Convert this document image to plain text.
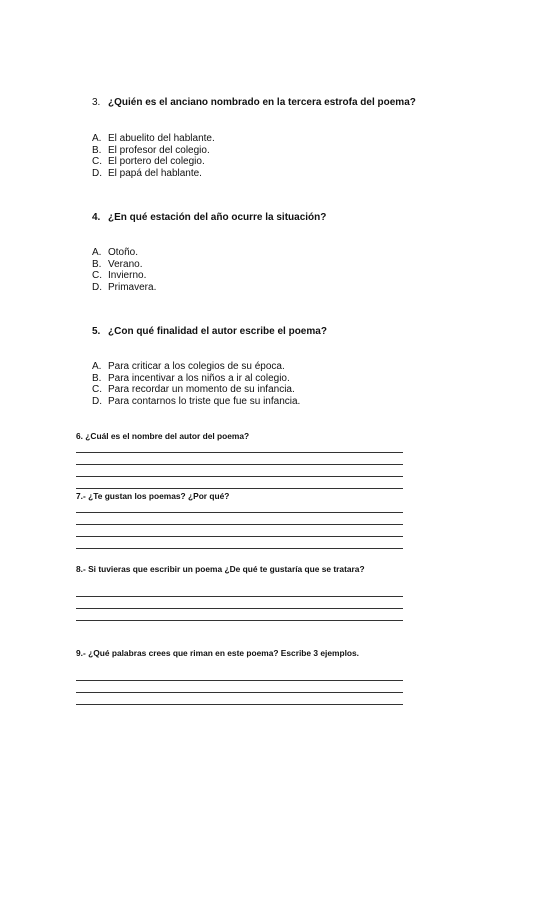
3. ¿Quién es el anciano nombrado en la tercera estrofa del poema?
A. El abuelito del hablante.
B. El profesor del colegio.
C. El portero del colegio.
D. El papá del hablante.
4. ¿En qué estación del año ocurre la situación?
A. Otoño.
B. Verano.
C. Invierno.
D. Primavera.
5. ¿Con qué finalidad el autor escribe el poema?
A. Para criticar a los colegios de su época.
B. Para incentivar a los niños a ir al colegio.
C. Para recordar un momento de su infancia.
D. Para contarnos lo triste que fue su infancia.
6. ¿Cuál es el nombre del autor del poema?
7.- ¿Te gustan los poemas? ¿Por qué?
8.- Si tuvieras que escribir un poema ¿De qué te gustaría que se tratara?
9.- ¿Qué palabras crees que riman en este poema? Escribe 3 ejemplos.
